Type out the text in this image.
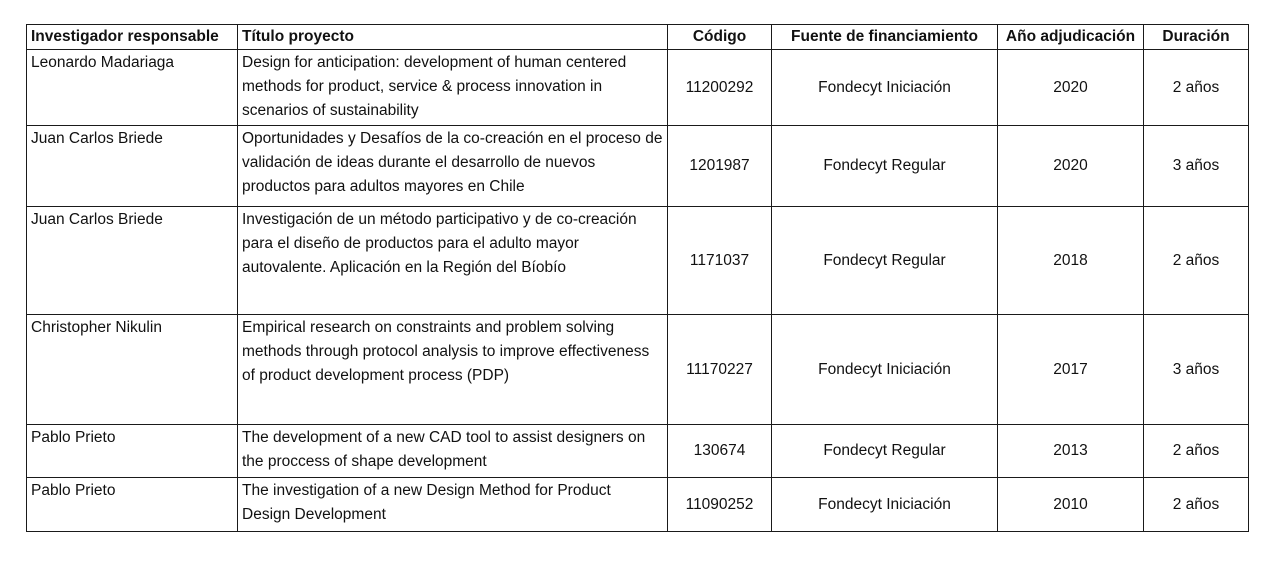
Investigador responsable	Título proyecto	Código	Fuente de financiamiento	Año adjudicación	Duración
Leonardo Madariaga	Design for anticipation: development of human centered methods for product, service & process innovation in scenarios of sustainability	11200292	Fondecyt Iniciación	2020	2 años
Juan Carlos Briede	Oportunidades y Desafíos de la co-creación en el proceso de validación de ideas durante el desarrollo de nuevos productos para adultos mayores en Chile	1201987	Fondecyt Regular	2020	3 años
Juan Carlos Briede	Investigación de un método participativo y de co-creación para el diseño de productos para el adulto mayor autovalente. Aplicación en la Región del Bíobío	1171037	Fondecyt Regular	2018	2 años
Christopher Nikulin	Empirical research on constraints and problem solving methods through protocol analysis to improve effectiveness of product development process (PDP)	11170227	Fondecyt Iniciación	2017	3 años
Pablo Prieto	The development of a new CAD tool to assist designers on the proccess of shape development	130674	Fondecyt Regular	2013	2 años
Pablo Prieto	The investigation of a new Design Method for Product Design Development	11090252	Fondecyt Iniciación	2010	2 años
